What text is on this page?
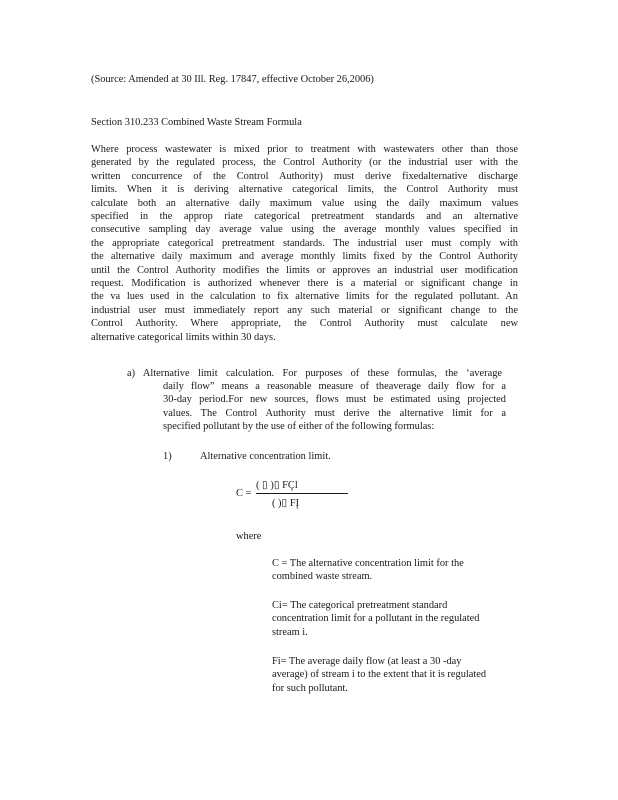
(Source: Amended at 30 Ill. Reg. 17847, effective October 26,2006)
Section 310.233 Combined Waste Stream Formula
Where process wastewater is mixed prior to treatment with wastewaters other than those
generated by the regulated process, the Control Authority (or the industrial user with the
written concurrence of the Control Authority) must derive fixedalternative discharge
limits. When it is deriving alternative categorical limits, the Control Authority must
calculate both an alternative daily maximum value using the daily maximum values
specified in the approp riate categorical pretreatment standards and an alternative
consecutive sampling day average value using the average monthly values specified in
the appropriate categorical pretreatment standards. The industrial user must comply with
the alternative daily maximum and average monthly limits fixed by the Control Authority
until the Control Authority modifies the limits or approves an industrial user modification
request. Modification is authorized whenever there is a material or significant change in
the va lues used in the calculation to fix alternative limits for the regulated pollutant. An
industrial user must immediately report any such material or significant change to the
Control Authority. Where appropriate, the Control Authority must calculate new
alternative categorical limits within 30 days.
a) Alternative limit calculation. For purposes of these formulas, the ‘average
daily flow” means a reasonable measure of theaverage daily flow for a
30-day period.For new sources, flows must be estimated using projected
values. The Control Authority must derive the alternative limit for a
specified pollutant by the use of either of the following formulas:
1)	Alternative concentration limit.
C =
( ▯ )▯ FÇl
( )▯ FĮ
where
C = The alternative concentration limit for the
combined waste stream.
Ci= The categorical pretreatment standard
concentration limit for a pollutant in the regulated
stream i.
Fi= The average daily flow (at least a 30 -day
average) of stream i to the extent that it is regulated
for such pollutant.
